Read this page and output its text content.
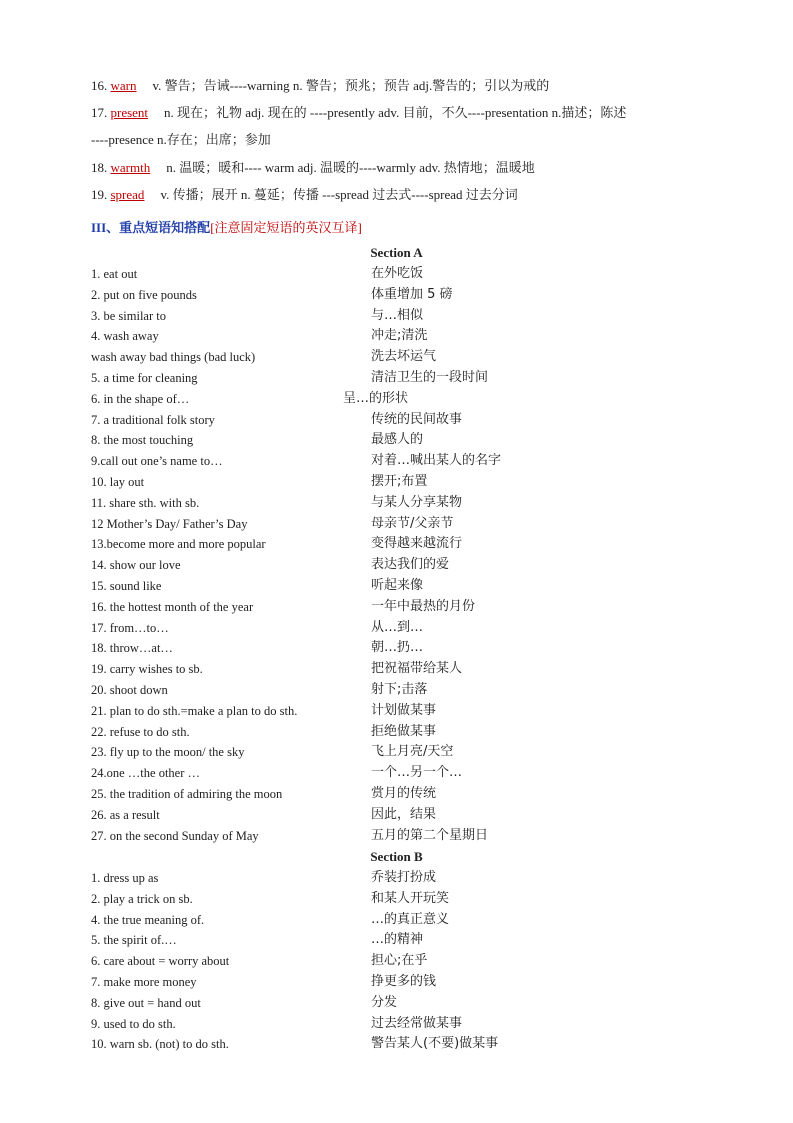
16. warn v. 警告；告诫----warning n. 警告；预兆；预告 adj.警告的；引以为戒的
17. present n. 现在；礼物 adj. 现在的 ----presently adv. 目前，不久----presentation n.描述；陈述
----presence n.存在；出席；参加
18. warmth n. 温暖；暖和---- warm adj. 温暖的----warmly adv. 热情地；温暖地
19. spread v. 传播；展开 n. 蔓延；传播 ---spread 过去式----spread 过去分词
III、重点短语知搭配[注意固定短语的英汉互译]
Section A
1. eat out	在外吃饭
2. put on five pounds	体重增加 5 磅
3. be similar to	与…相似
4. wash away	冲走;清洗
wash away bad things (bad luck)	洗去坏运气
5. a time for cleaning	清洁卫生的一段时间
6. in the shape of…	呈…的形状
7. a traditional folk story	传统的民间故事
8. the most touching	最感人的
9.call out one’s name to…	对着…喊出某人的名字
10. lay out	摆开;布置
11. share sth. with sb.	与某人分享某物
12 Mother’s Day/ Father’s Day	母亲节/父亲节
13.become more and more popular	变得越来越流行
14. show our love	表达我们的爱
15. sound like	听起来像
16. the hottest month of the year	一年中最热的月份
17. from…to…	从…到…
18. throw…at…	朝…扔…
19. carry wishes to sb.	把祝福带给某人
20. shoot down	射下;击落
21. plan to do sth.=make a plan to do sth.	计划做某事
22. refuse to do sth.	拒绝做某事
23. fly up to the moon/ the sky	飞上月亮/天空
24.one …the other …	一个…另一个…
25. the tradition of admiring the moon	赏月的传统
26. as a result	因此，结果
27. on the second Sunday of May	五月的第二个星期日
Section B
1. dress up as	乔装打扮成
2. play a trick on sb.	和某人开玩笑
4. the true meaning of.	…的真正意义
5. the spirit of.…	…的精神
6. care about = worry about	担心;在乎
7. make more money	挣更多的钱
8. give out = hand out	分发
9. used to do sth.	过去经常做某事
10. warn sb. (not) to do sth.	警告某人(不要)做某事
